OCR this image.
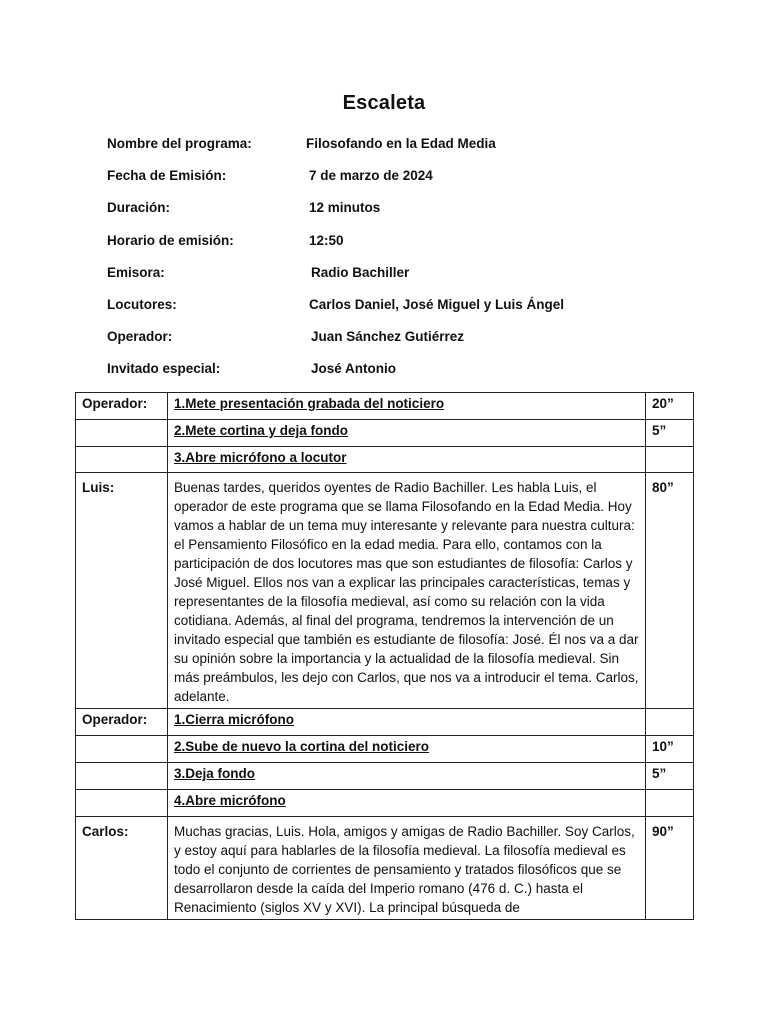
Escaleta
Nombre del programa:	Filosofando en la Edad Media
Fecha de Emisión:	7 de marzo de 2024
Duración:	12 minutos
Horario de emisión:	12:50
Emisora:	Radio Bachiller
Locutores:	Carlos Daniel, José Miguel y Luis Ángel
Operador:	Juan Sánchez Gutiérrez
Invitado especial:	José Antonio
Operador:	1.Mete presentación grabada del noticiero	20”
	2.Mete cortina y deja fondo	5”
	3.Abre micrófono a locutor	
Luis:	Buenas tardes, queridos oyentes de Radio Bachiller. Les habla Luis, el operador de este programa que se llama Filosofando en la Edad Media. Hoy vamos a hablar de un tema muy interesante y relevante para nuestra cultura: el Pensamiento Filosófico en la edad media. Para ello, contamos con la participación de dos locutores mas que son estudiantes de filosofía: Carlos y José Miguel. Ellos nos van a explicar las principales características, temas y representantes de la filosofía medieval, así como su relación con la vida cotidiana. Además, al final del programa, tendremos la intervención de un invitado especial que también es estudiante de filosofía: José. Él nos va a dar su opinión sobre la importancia y la actualidad de la filosofía medieval. Sin más preámbulos, les dejo con Carlos, que nos va a introducir el tema. Carlos, adelante.	80”
Operador:	1.Cierra micrófono	
	2.Sube de nuevo la cortina del noticiero	10”
	3.Deja fondo	5”
	4.Abre micrófono	
Carlos:	Muchas gracias, Luis. Hola, amigos y amigas de Radio Bachiller. Soy Carlos, y estoy aquí para hablarles de la filosofía medieval. La filosofía medieval es todo el conjunto de corrientes de pensamiento y tratados filosóficos que se desarrollaron desde la caída del Imperio romano (476 d. C.) hasta el Renacimiento (siglos XV y XVI). La principal búsqueda de	90”
